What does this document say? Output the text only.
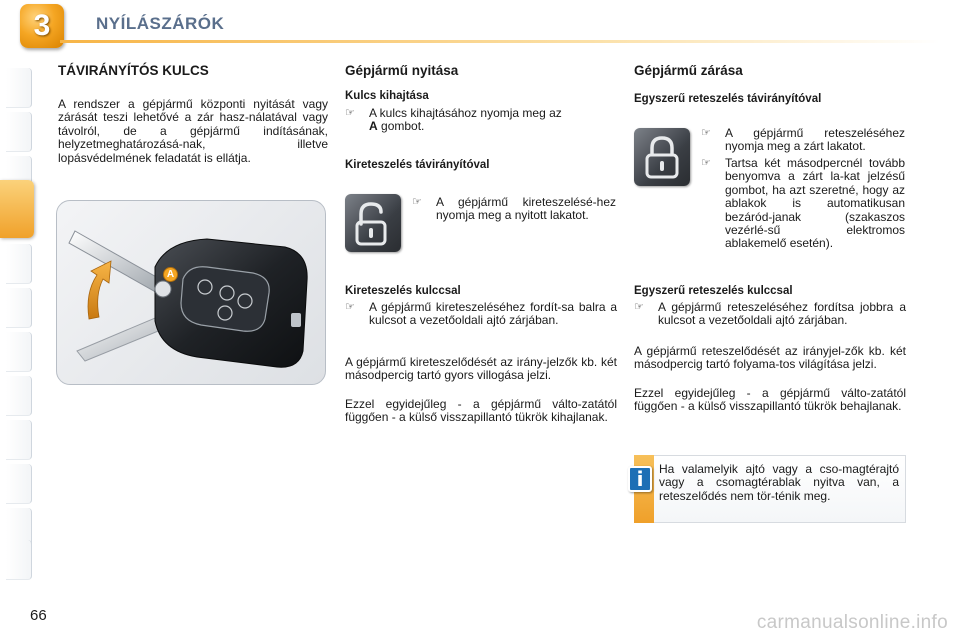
3	NYÍLÁSZÁRÓK
TÁVIRÁNYÍTÓS KULCS
A rendszer a gépjármű központi nyitását vagy zárását teszi lehetővé a zár hasz-nálatával vagy távolról, de a gépjármű indításának, helyzetmeghatározásá-nak, illetve lopásvédelmének feladatát is ellátja.
A
Gépjármű nyitása
Kulcs kihajtása
☞	A kulcs kihajtásához nyomja meg az
A gombot.
Kireteszelés távirányítóval
☞	A gépjármű kireteszelésé-hez nyomja meg a nyitott lakatot.
Kireteszelés kulccsal
☞	A gépjármű kireteszeléséhez fordít-sa balra a kulcsot a vezetőoldali ajtó zárjában.
A gépjármű kireteszelődését az irány-jelzők kb. két másodpercig tartó gyors villogása jelzi.
Ezzel egyidejűleg - a gépjármű válto-zatától függően - a külső visszapillantó tükrök kihajlanak.
Gépjármű zárása
Egyszerű reteszelés távirányítóval
☞	A gépjármű reteszeléséhez nyomja meg a zárt lakatot.
☞	Tartsa két másodpercnél tovább benyomva a zárt la-kat jelzésű gombot, ha azt szeretné, hogy az ablakok is automatikusan bezáród-janak (szakaszos vezérlé-sű elektromos ablakemelő esetén).
Egyszerű reteszelés kulccsal
☞	A gépjármű reteszeléséhez fordítsa jobbra a kulcsot a vezetőoldali ajtó zárjában.
A gépjármű reteszelődését az irányjel-zők kb. két másodpercig tartó folyama-tos világítása jelzi.
Ezzel egyidejűleg - a gépjármű válto-zatától függően - a külső visszapillantó tükrök behajlanak.
i	Ha valamelyik ajtó vagy a cso-magtérajtó vagy a csomagtérablak nyitva van, a reteszelődés nem tör-ténik meg.
66	carmanualsonline.info
